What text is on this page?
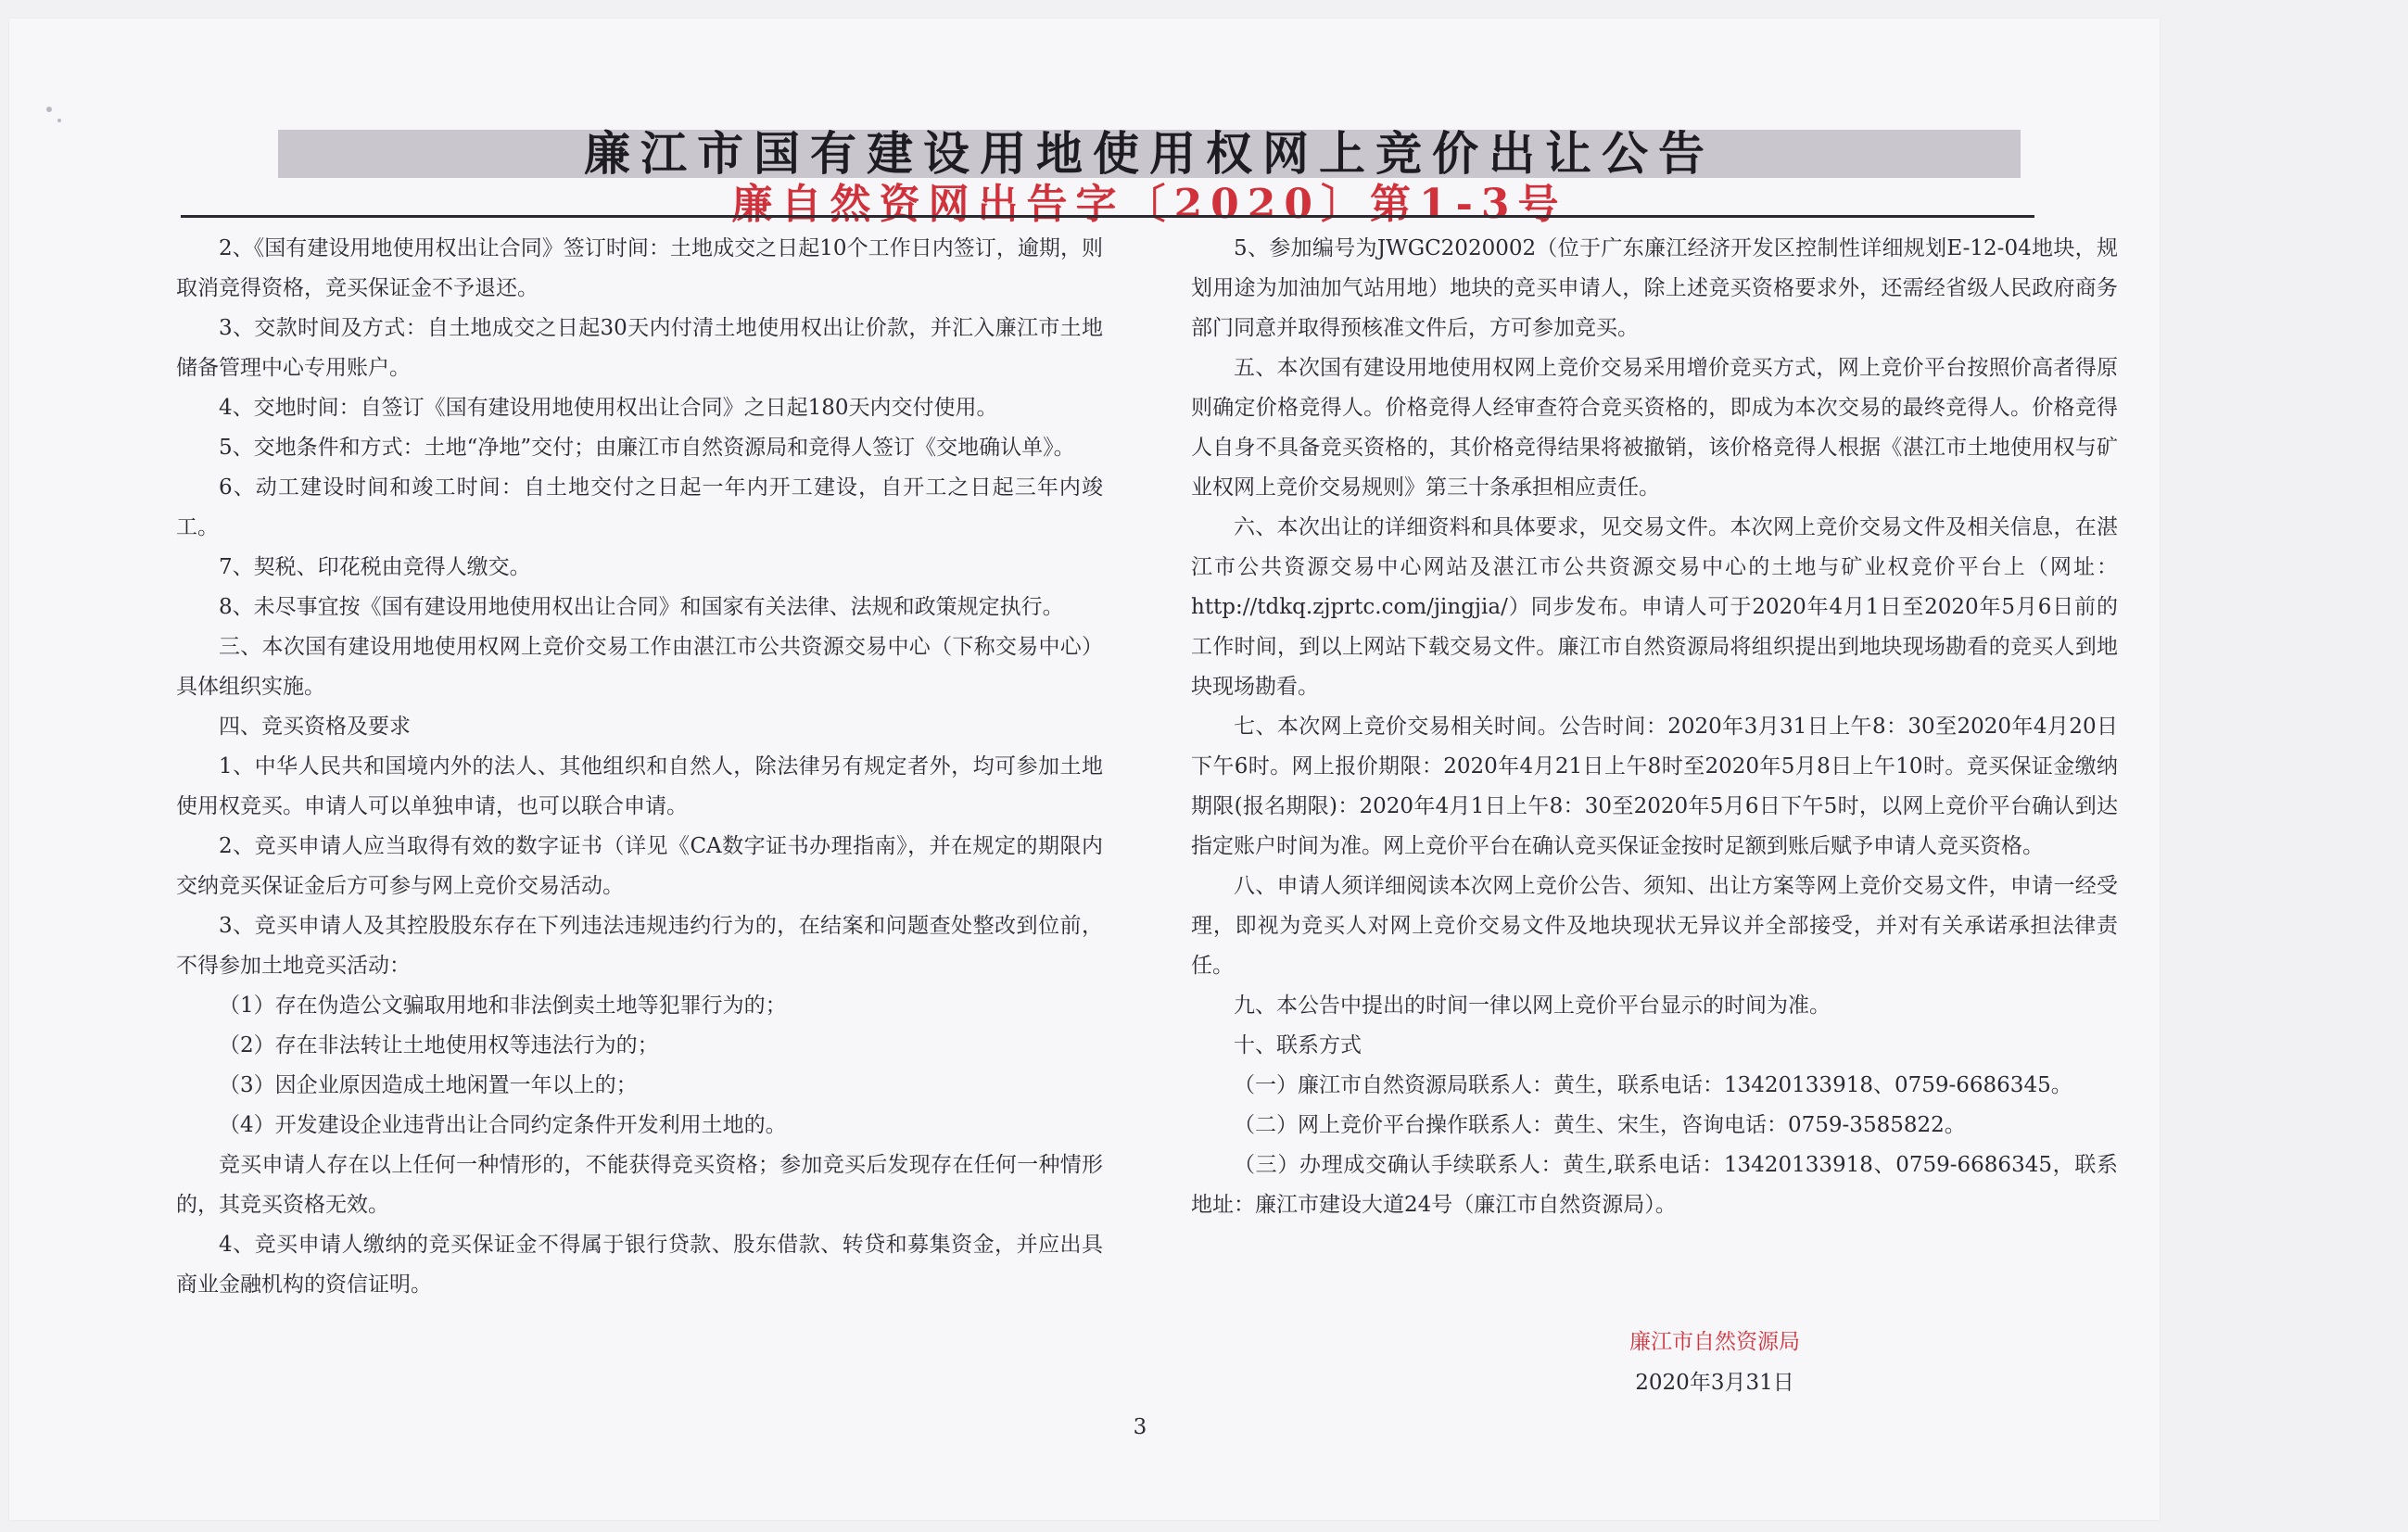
廉江市国有建设用地使用权网上竞价出让公告
廉自然资网出告字〔2020〕第1-3号

2、《国有建设用地使用权出让合同》签订时间：土地成交之日起10个工作日内签订，逾期，则取消竞得资格，竞买保证金不予退还。

3、交款时间及方式：自土地成交之日起30天内付清土地使用权出让价款，并汇入廉江市土地储备管理中心专用账户。

4、交地时间：自签订《国有建设用地使用权出让合同》之日起180天内交付使用。

5、交地条件和方式：土地“净地”交付；由廉江市自然资源局和竞得人签订《交地确认单》。

6、动工建设时间和竣工时间：自土地交付之日起一年内开工建设，自开工之日起三年内竣工。

7、契税、印花税由竞得人缴交。

8、未尽事宜按《国有建设用地使用权出让合同》和国家有关法律、法规和政策规定执行。

三、本次国有建设用地使用权网上竞价交易工作由湛江市公共资源交易中心（下称交易中心）具体组织实施。

四、竞买资格及要求

1、中华人民共和国境内外的法人、其他组织和自然人，除法律另有规定者外，均可参加土地使用权竞买。申请人可以单独申请，也可以联合申请。

2、竞买申请人应当取得有效的数字证书（详见《CA数字证书办理指南》，并在规定的期限内交纳竞买保证金后方可参与网上竞价交易活动。

3、竞买申请人及其控股股东存在下列违法违规违约行为的，在结案和问题查处整改到位前，不得参加土地竞买活动：

（1）存在伪造公文骗取用地和非法倒卖土地等犯罪行为的；

（2）存在非法转让土地使用权等违法行为的；

（3）因企业原因造成土地闲置一年以上的；

（4）开发建设企业违背出让合同约定条件开发利用土地的。

竞买申请人存在以上任何一种情形的，不能获得竞买资格；参加竞买后发现存在任何一种情形的，其竞买资格无效。

4、竞买申请人缴纳的竞买保证金不得属于银行贷款、股东借款、转贷和募集资金，并应出具商业金融机构的资信证明。

5、参加编号为JWGC2020002（位于广东廉江经济开发区控制性详细规划E-12-04地块，规划用途为加油加气站用地）地块的竞买申请人，除上述竞买资格要求外，还需经省级人民政府商务部门同意并取得预核准文件后，方可参加竞买。

五、本次国有建设用地使用权网上竞价交易采用增价竞买方式，网上竞价平台按照价高者得原则确定价格竞得人。价格竞得人经审查符合竞买资格的，即成为本次交易的最终竞得人。价格竞得人自身不具备竞买资格的，其价格竞得结果将被撤销，该价格竞得人根据《湛江市土地使用权与矿业权网上竞价交易规则》第三十条承担相应责任。

六、本次出让的详细资料和具体要求，见交易文件。本次网上竞价交易文件及相关信息，在湛江市公共资源交易中心网站及湛江市公共资源交易中心的土地与矿业权竞价平台上（网址：http://tdkq.zjprtc.com/jingjia/）同步发布。申请人可于2020年4月1日至2020年5月6日前的工作时间，到以上网站下载交易文件。廉江市自然资源局将组织提出到地块现场勘看的竞买人到地块现场勘看。

七、本次网上竞价交易相关时间。公告时间：2020年3月31日上午8：30至2020年4月20日下午6时。网上报价期限：2020年4月21日上午8时至2020年5月8日上午10时。竞买保证金缴纳期限(报名期限)：2020年4月1日上午8：30至2020年5月6日下午5时，以网上竞价平台确认到达指定账户时间为准。网上竞价平台在确认竞买保证金按时足额到账后赋予申请人竞买资格。

八、申请人须详细阅读本次网上竞价公告、须知、出让方案等网上竞价交易文件，申请一经受理，即视为竞买人对网上竞价交易文件及地块现状无异议并全部接受，并对有关承诺承担法律责任。

九、本公告中提出的时间一律以网上竞价平台显示的时间为准。

十、联系方式

（一）廉江市自然资源局联系人：黄生，联系电话：13420133918、0759-6686345。

（二）网上竞价平台操作联系人：黄生、宋生，咨询电话：0759-3585822。

（三）办理成交确认手续联系人：黄生,联系电话：13420133918、0759-6686345，联系地址：廉江市建设大道24号（廉江市自然资源局）。

廉江市自然资源局
2020年3月31日
3
